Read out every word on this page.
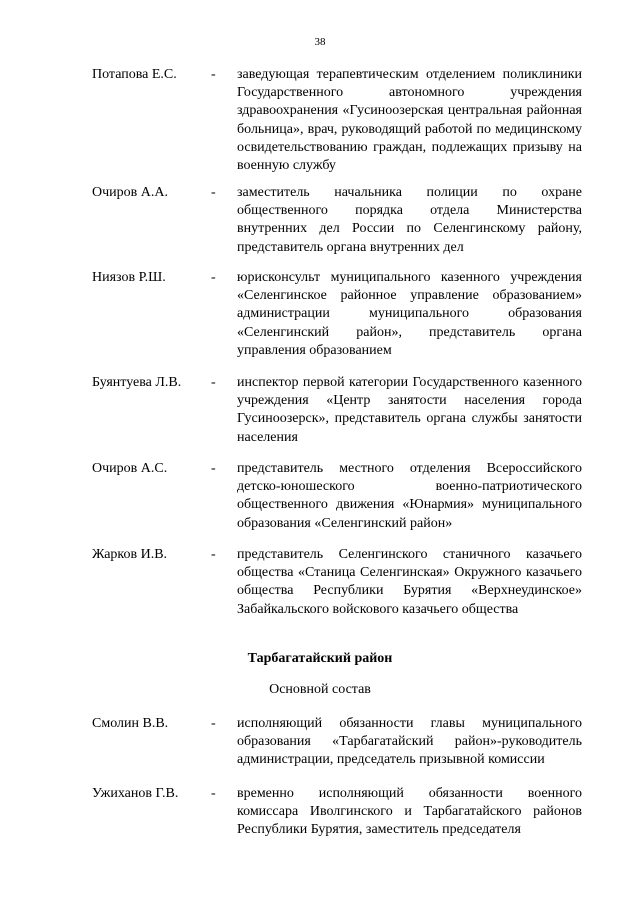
38
Потапова Е.С. - заведующая терапевтическим отделением поликлиники Государственного автономного учреждения здравоохранения «Гусиноозерская центральная районная больница», врач, руководящий работой по медицинскому освидетельствованию граждан, подлежащих призыву на военную службу
Очиров А.А.	- заместитель начальника полиции по охране общественного порядка отдела Министерства внутренних дел России по Селенгинскому району, представитель органа внутренних дел
Ниязов Р.Ш.	- юрисконсульт муниципального казенного учреждения «Селенгинское районное управление образованием» администрации муниципального образования «Селенгинский район», представитель органа управления образованием
Буянтуева Л.В. - инспектор первой категории Государственного казенного учреждения «Центр занятости населения города Гусиноозерск», представитель органа службы занятости населения
Очиров А.С.	- представитель местного отделения Всероссийского детско-юношеского военно-патриотического общественного движения «Юнармия» муниципального образования «Селенгинский район»
Жарков И.В.	- представитель Селенгинского станичного казачьего общества «Станица Селенгинская» Окружного казачьего общества Республики Бурятия «Верхнеудинское» Забайкальского войскового казачьего общества
Тарбагатайский район
Основной состав
Смолин В.В.	- исполняющий обязанности главы муниципального образования «Тарбагатайский район»-руководитель администрации, председатель призывной комиссии
Ужиханов Г.В. - временно исполняющий обязанности военного комиссара Иволгинского и Тарбагатайского районов Республики Бурятия, заместитель председателя
